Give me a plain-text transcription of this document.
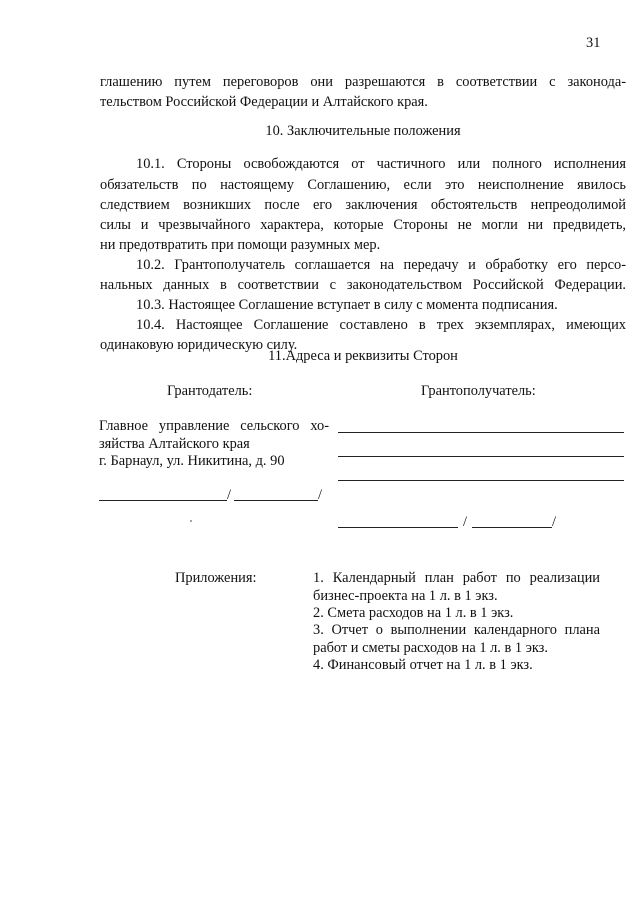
31
глашению путем переговоров они разрешаются в соответствии с законода-
тельством Российской Федерации и Алтайского края.
10. Заключительные положения
10.1. Стороны освобождаются от частичного или полного исполнения
обязательств по настоящему Соглашению, если это неисполнение явилось
следствием возникших после его заключения обстоятельств непреодолимой
силы и чрезвычайного характера, которые Стороны не могли ни предвидеть,
ни предотвратить при помощи разумных мер.
10.2. Грантополучатель соглашается на передачу и обработку его персо-
нальных данных в соответствии с законодательством Российской Федерации.
10.3. Настоящее Соглашение вступает в силу с момента подписания.
10.4. Настоящее Соглашение составлено в трех экземплярах, имеющих
одинаковую юридическую силу.
11.Адреса и реквизиты Сторон
Грантодатель:	Грантополучатель:
Главное управление сельского хо-
зяйства Алтайского края
г. Барнаул, ул. Никитина, д. 90
/	/
/	/
Приложения:	1. Календарный план работ по реализации
бизнес-проекта на 1 л. в 1 экз.
2. Смета расходов на 1 л. в 1 экз.
3. Отчет о выполнении календарного плана
работ и сметы расходов на 1 л. в 1 экз.
4. Финансовый отчет на 1 л. в 1 экз.
